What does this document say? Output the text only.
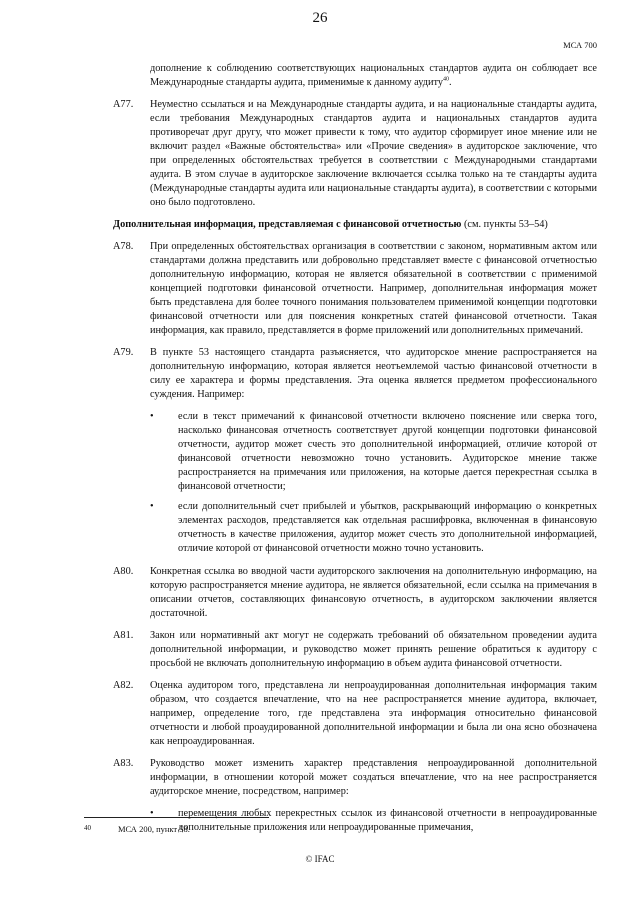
26
МСА 700

дополнение к соблюдению соответствующих национальных стандартов аудита он соблюдает все Международные стандарты аудита, применимые к данному аудиту$^{40}$.

A77. Неуместно ссылаться и на Международные стандарты аудита, и на национальные стандарты аудита, если требования Международных стандартов аудита и национальных стандартов аудита противоречат друг другу, что может привести к тому, что аудитор сформирует иное мнение или не включит раздел «Важные обстоятельства» или «Прочие сведения» в аудиторское заключение, что при определенных обстоятельствах требуется в соответствии с Международными стандартами аудита. В этом случае в аудиторское заключение включается ссылка только на те стандарты аудита (Международные стандарты аудита или национальные стандарты аудита), в соответствии с которыми оно было подготовлено.

Дополнительная информация, представляемая с финансовой отчетностью (см. пункты 53–54)

A78. При определенных обстоятельствах организация в соответствии с законом, нормативным актом или стандартами должна представить или добровольно представляет вместе с финансовой отчетностью дополнительную информацию, которая не является обязательной в соответствии с применимой концепцией подготовки финансовой отчетности. Например, дополнительная информация может быть представлена для более точного понимания пользователем применимой концепции подготовки финансовой отчетности или для пояснения конкретных статей финансовой отчетности. Такая информация, как правило, представляется в форме приложений или дополнительных примечаний.
A79. В пункте 53 настоящего стандарта разъясняется, что аудиторское мнение распространяется на дополнительную информацию, которая является неотъемлемой частью финансовой отчетности в силу ее характера и формы представления. Эта оценка является предметом профессионального суждения. Например:
• если в текст примечаний к финансовой отчетности включено пояснение или сверка того, насколько финансовая отчетность соответствует другой концепции подготовки финансовой отчетности, аудитор может счесть это дополнительной информацией, отличие которой от финансовой отчетности невозможно точно установить. Аудиторское мнение также распространяется на примечания или приложения, на которые дается перекрестная ссылка в финансовой отчетности;
• если дополнительный счет прибылей и убытков, раскрывающий информацию о конкретных элементах расходов, представляется как отдельная расшифровка, включенная в финансовую отчетность в качестве приложения, аудитор может счесть это дополнительной информацией, отличие которой от финансовой отчетности можно точно установить.
A80. Конкретная ссылка во вводной части аудиторского заключения на дополнительную информацию, на которую распространяется мнение аудитора, не является обязательной, если ссылка на примечания в описании отчетов, составляющих финансовую отчетность, в аудиторском заключении является достаточной.
A81. Закон или нормативный акт могут не содержать требований об обязательном проведении аудита дополнительной информации, и руководство может принять решение обратиться к аудитору с просьбой не включать дополнительную информацию в объем аудита финансовой отчетности.
A82. Оценка аудитором того, представлена ли непроаудированная дополнительная информация таким образом, что создается впечатление, что на нее распространяется мнение аудитора, включает, например, определение того, где представлена эта информация относительно финансовой отчетности и любой проаудированной дополнительной информации и была ли она ясно обозначена как непроаудированная.
A83. Руководство может изменить характер представления непроаудированной дополнительной информации, в отношении которой может создаться впечатление, что на нее распространяется аудиторское мнение, посредством, например:
• перемещения любых перекрестных ссылок из финансовой отчетности в непроаудированные дополнительные приложения или непроаудированные примечания,
40	МСА 200, пункт 58.
© IFAC
